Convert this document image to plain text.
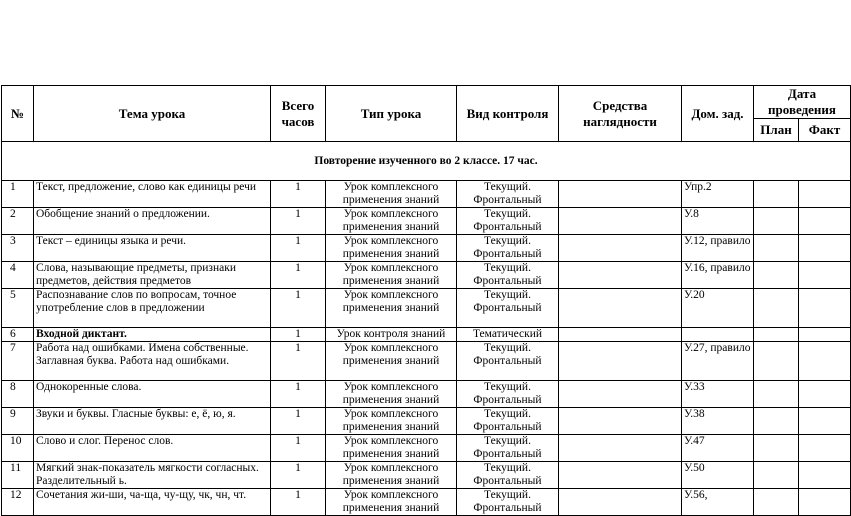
№	Тема урока	Всего часов	Тип урока	Вид контроля	Средства наглядности	Дом. зад.	Дата проведения	
							План	Факт
Повторение изученного во 2 классе. 17 час.								
1	Текст, предложение, слово как единицы речи	1	Урок комплексного применения знаний	Текущий. Фронтальный		Упр.2		
2	Обобщение знаний о предложении.	1	Урок комплексного применения знаний	Текущий. Фронтальный		У.8		
3	Текст – единицы языка и речи.	1	Урок комплексного применения знаний	Текущий. Фронтальный		У.12, правило		
4	Слова, называющие предметы, признаки предметов, действия предметов	1	Урок комплексного применения знаний	Текущий. Фронтальный		У.16, правило		
5	Распознавание слов по вопросам, точное употребление слов в предложении	1	Урок комплексного применения знаний	Текущий. Фронтальный		У.20		
6	Входной диктант.	1	Урок контроля знаний	Тематический				
7	Работа над ошибками. Имена собственные. Заглавная буква. Работа над ошибками.	1	Урок комплексного применения знаний	Текущий. Фронтальный		У.27, правило		
8	Однокоренные слова.	1	Урок комплексного применения знаний	Текущий. Фронтальный		У.33		
9	Звуки и буквы. Гласные буквы: е, ё, ю, я.	1	Урок комплексного применения знаний	Текущий. Фронтальный		У.38		
10	Слово и слог. Перенос слов.	1	Урок комплексного применения знаний	Текущий. Фронтальный		У.47		
11	Мягкий знак-показатель мягкости согласных. Разделительный ь.	1	Урок комплексного применения знаний	Текущий. Фронтальный		У.50		
12	Сочетания жи-ши, ча-ща, чу-щу, чк, чн, чт.	1	Урок комплексного применения знаний	Текущий. Фронтальный		У.56,		
